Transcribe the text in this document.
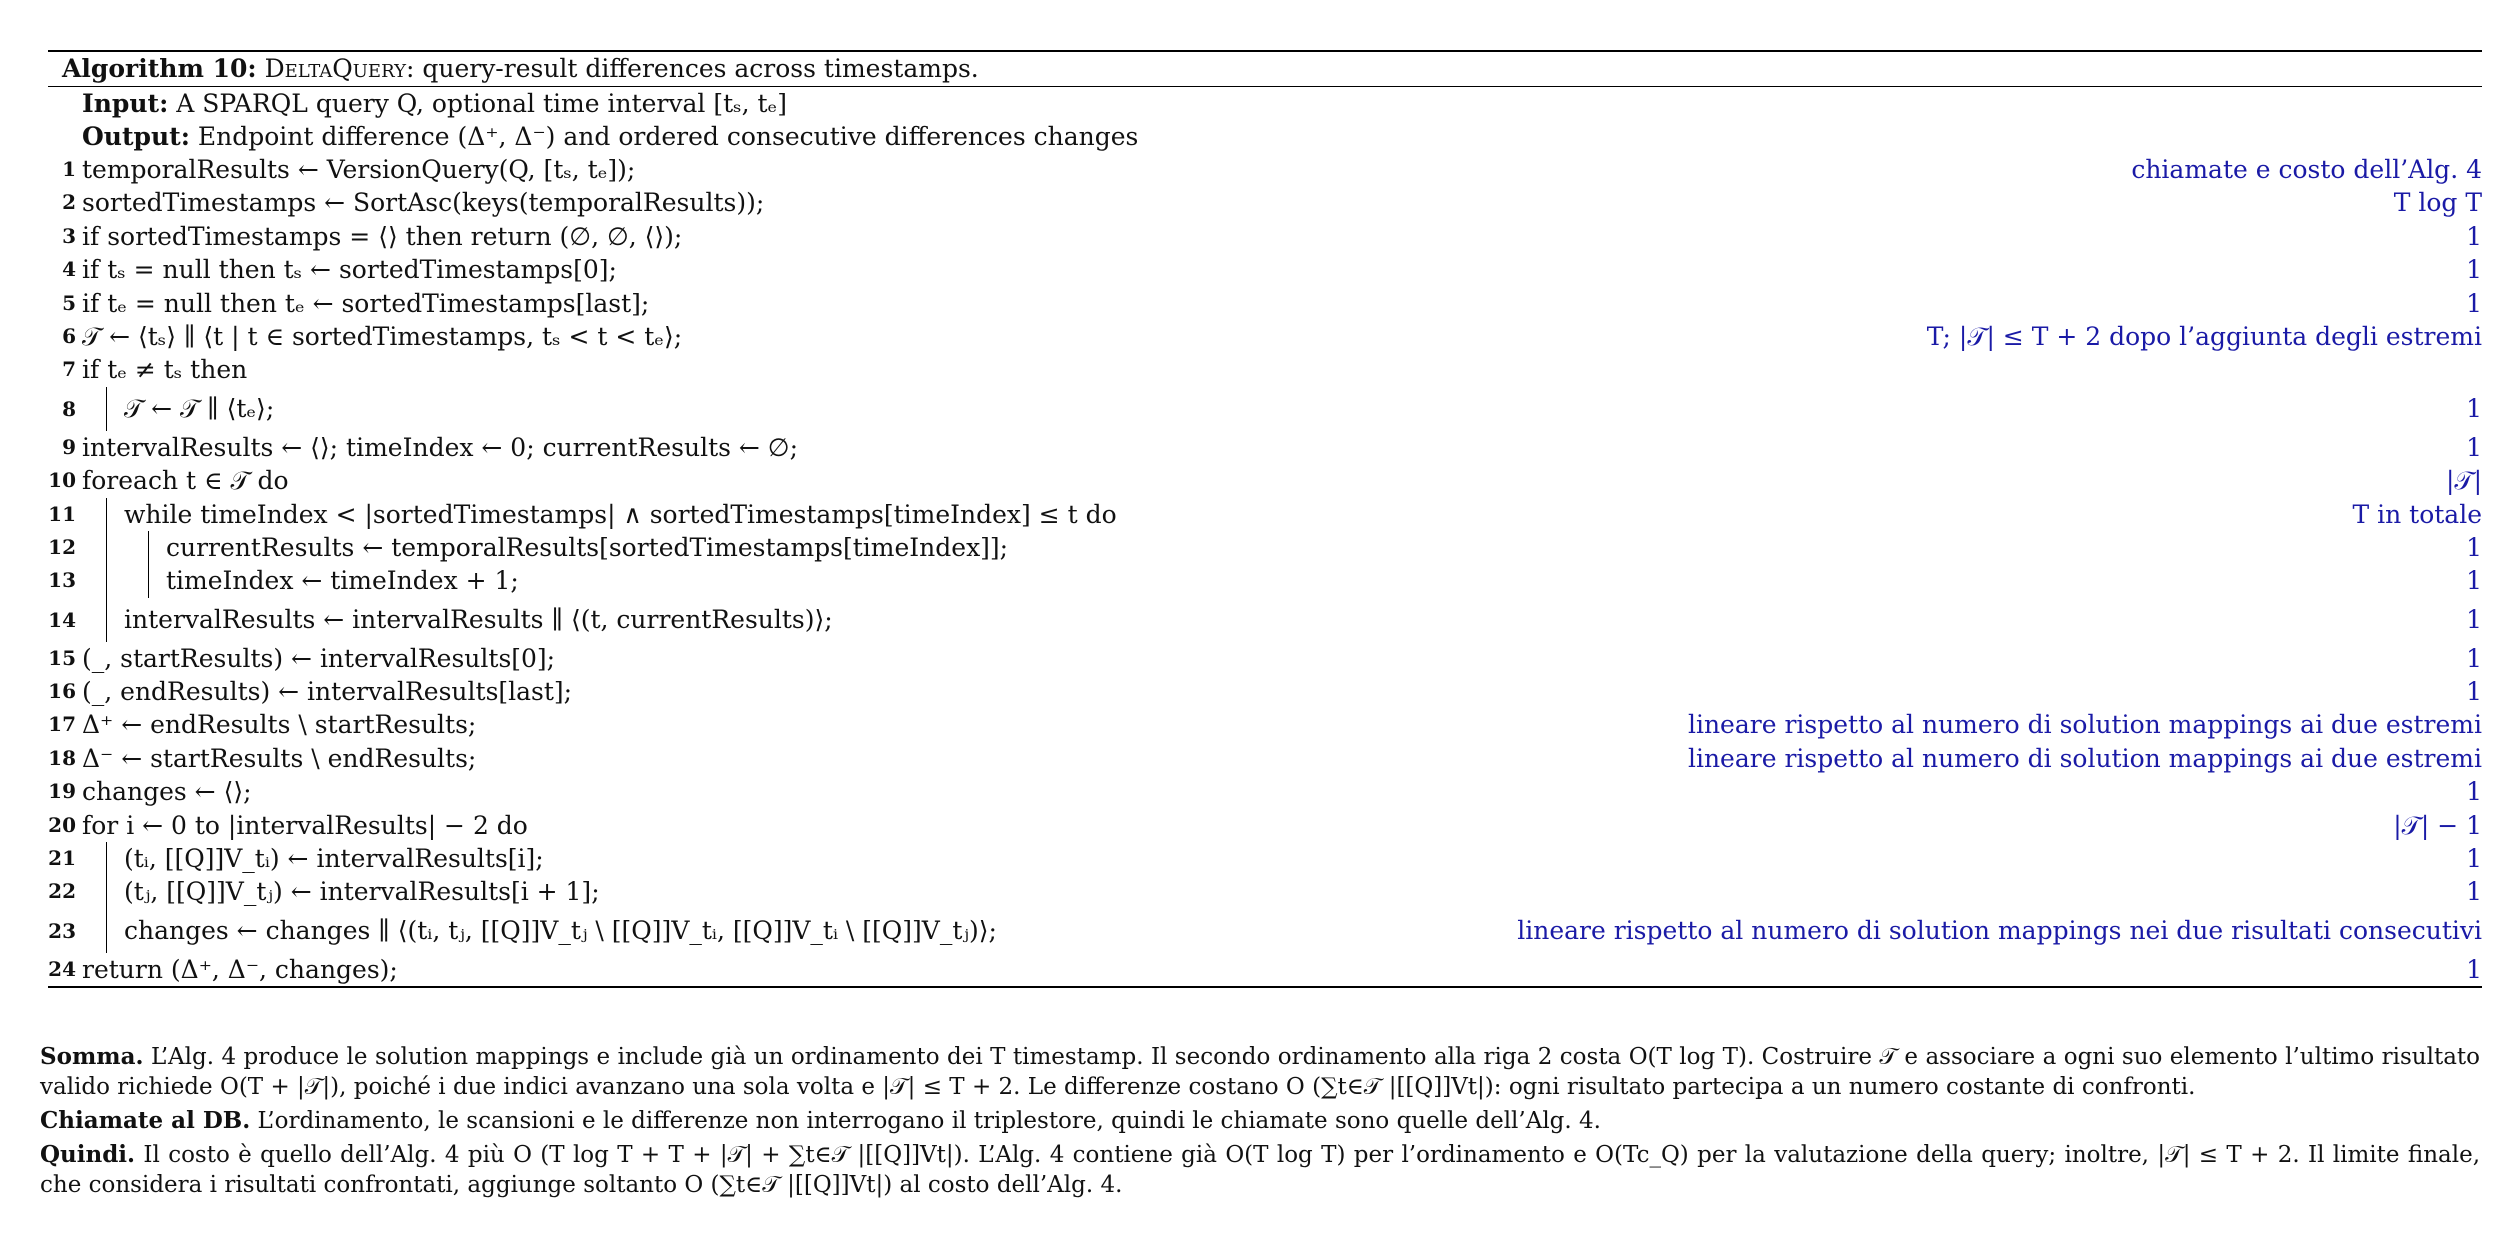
Algorithm 10: DeltaQuery: query-result differences across timestamps.
Input: A SPARQL query Q, optional time interval [tₛ, tₑ]
Output: Endpoint difference (Δ⁺, Δ⁻) and ordered consecutive differences changes
1 temporalResults ← VersionQuery(Q, [tₛ, tₑ]);	chiamate e costo dell’Alg. 4
2 sortedTimestamps ← SortAsc(keys(temporalResults));	T log T
3 if sortedTimestamps = ⟨⟩ then return (∅, ∅, ⟨⟩);	1
4 if tₛ = null then tₛ ← sortedTimestamps[0];	1
5 if tₑ = null then tₑ ← sortedTimestamps[last];	1
6 𝒯 ← ⟨tₛ⟩ ∥ ⟨t | t ∈ sortedTimestamps, tₛ < t < tₑ⟩;	T; |𝒯| ≤ T + 2 dopo l’aggiunta degli estremi
7 if tₑ ≠ tₛ then
8 𝒯 ← 𝒯 ∥ ⟨tₑ⟩;	1
9 intervalResults ← ⟨⟩; timeIndex ← 0; currentResults ← ∅;	1
10 foreach t ∈ 𝒯 do	|𝒯|
11 while timeIndex < |sortedTimestamps| ∧ sortedTimestamps[timeIndex] ≤ t do	T in totale
12	currentResults ← temporalResults[sortedTimestamps[timeIndex]];	1
13	timeIndex ← timeIndex + 1;	1
14 intervalResults ← intervalResults ∥ ⟨(t, currentResults)⟩;	1
15 (_, startResults) ← intervalResults[0];	1
16 (_, endResults) ← intervalResults[last];	1
17 Δ⁺ ← endResults \ startResults;	lineare rispetto al numero di solution mappings ai due estremi
18 Δ⁻ ← startResults \ endResults;	lineare rispetto al numero di solution mappings ai due estremi
19 changes ← ⟨⟩;	1
20 for i ← 0 to |intervalResults| − 2 do	|𝒯| − 1
21 (tᵢ, [[Q]]V_tᵢ) ← intervalResults[i];	1
22 (tⱼ, [[Q]]V_tⱼ) ← intervalResults[i + 1];	1
23 changes ← changes ∥ ⟨(tᵢ, tⱼ, [[Q]]V_tⱼ \ [[Q]]V_tᵢ, [[Q]]V_tᵢ \ [[Q]]V_tⱼ)⟩;	lineare rispetto al numero di solution mappings nei due risultati consecutivi
24 return (Δ⁺, Δ⁻, changes);	1

Somma. L’Alg. 4 produce le solution mappings e include già un ordinamento dei T timestamp. Il secondo ordinamento alla riga 2 costa O(T log T). Costruire 𝒯 e associare a ogni suo elemento l’ultimo risultato valido richiede O(T + |𝒯|), poiché i due indici avanzano una sola volta e |𝒯| ≤ T + 2. Le differenze costano O (∑t∈𝒯 |[[Q]]Vt|): ogni risultato partecipa a un numero costante di confronti.

Chiamate al DB. L’ordinamento, le scansioni e le differenze non interrogano il triplestore, quindi le chiamate sono quelle dell’Alg. 4.

Quindi. Il costo è quello dell’Alg. 4 più O (T log T + T + |𝒯| + ∑t∈𝒯 |[[Q]]Vt|). L’Alg. 4 contiene già O(T log T) per l’ordinamento e O(Tc_Q) per la valutazione della query; inoltre, |𝒯| ≤ T + 2. Il limite finale, che considera i risultati confrontati, aggiunge soltanto O (∑t∈𝒯 |[[Q]]Vt|) al costo dell’Alg. 4.
